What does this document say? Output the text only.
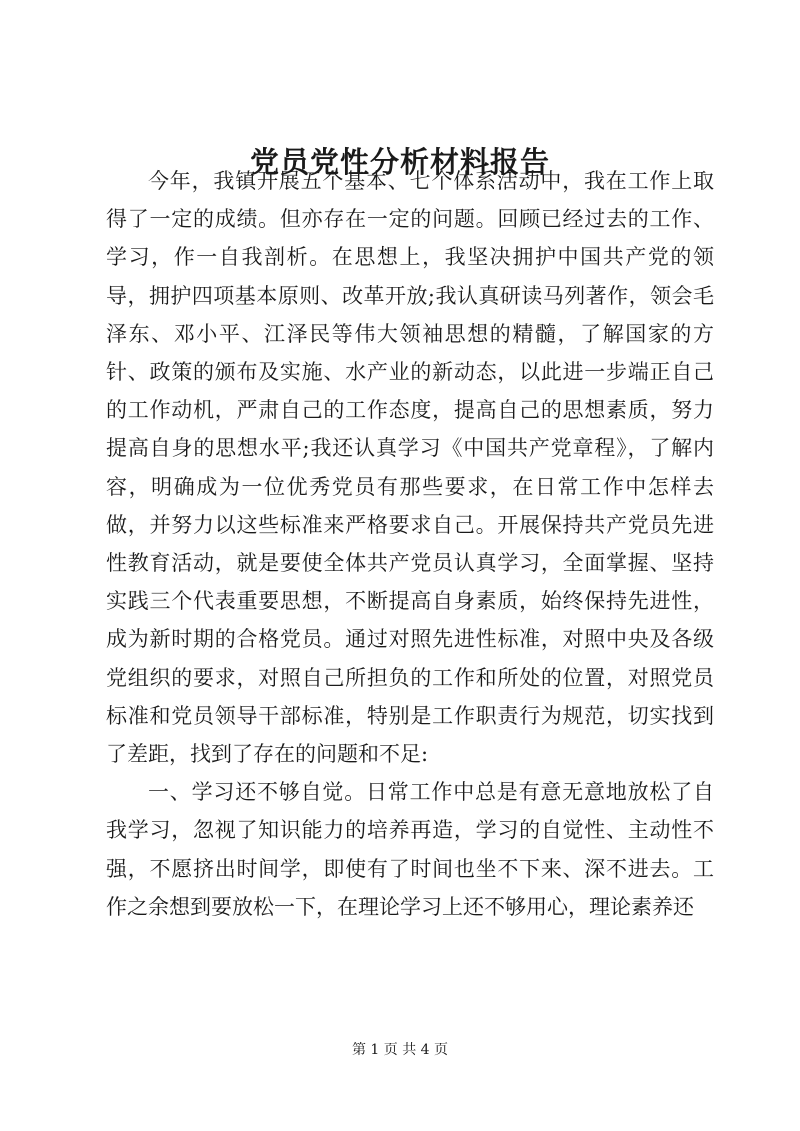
党员党性分析材料报告

今年，我镇开展五个基本、七个体系活动中，我在工作上取得了一定的成绩。但亦存在一定的问题。回顾已经过去的工作、学习，作一自我剖析。在思想上，我坚决拥护中国共产党的领导，拥护四项基本原则、改革开放;我认真研读马列著作，领会毛泽东、邓小平、江泽民等伟大领袖思想的精髓，了解国家的方针、政策的颁布及实施、水产业的新动态，以此进一步端正自己的工作动机，严肃自己的工作态度，提高自己的思想素质，努力提高自身的思想水平;我还认真学习《中国共产党章程》，了解内容，明确成为一位优秀党员有那些要求，在日常工作中怎样去做，并努力以这些标准来严格要求自己。开展保持共产党员先进性教育活动，就是要使全体共产党员认真学习，全面掌握、坚持实践三个代表重要思想，不断提高自身素质，始终保持先进性，成为新时期的合格党员。通过对照先进性标准，对照中央及各级党组织的要求，对照自己所担负的工作和所处的位置，对照党员标准和党员领导干部标准，特别是工作职责行为规范，切实找到了差距，找到了存在的问题和不足:

一、学习还不够自觉。日常工作中总是有意无意地放松了自我学习，忽视了知识能力的培养再造，学习的自觉性、主动性不强，不愿挤出时间学，即使有了时间也坐不下来、深不进去。工作之余想到要放松一下，在理论学习上还不够用心，理论素养还

第 1 页 共 4 页
